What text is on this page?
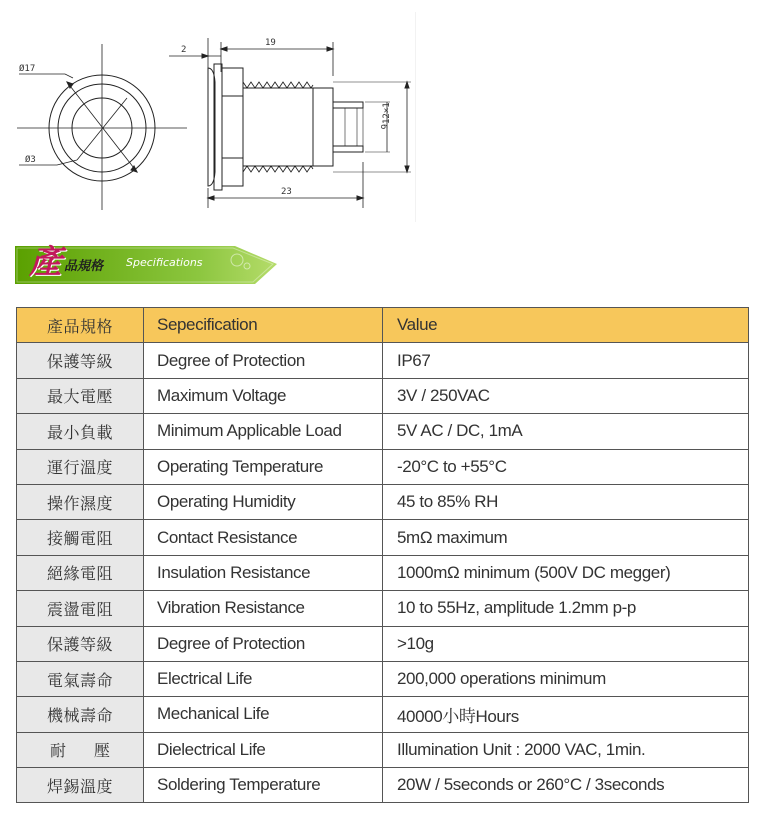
Ø17
Ø3
2
19
23
6
12×1
產 品規格 Specifications
產品規格	Sepecification	Value
保護等級	Degree of Protection	IP67
最大電壓	Maximum Voltage	3V / 250VAC
最小負載	Minimum Applicable Load	5V AC / DC, 1mA
運行溫度	Operating Temperature	-20°C to +55°C
操作濕度	Operating Humidity	45 to 85% RH
接觸電阻	Contact Resistance	5mΩ maximum
絕緣電阻	Insulation Resistance	1000mΩ minimum (500V DC megger)
震盪電阻	Vibration Resistance	10 to 55Hz, amplitude 1.2mm p-p
保護等級	Degree of Protection	>10g
電氣壽命	Electrical Life	200,000 operations minimum
機械壽命	Mechanical Life	40000小時Hours
耐壓	Dielectrical Life	Illumination Unit : 2000 VAC, 1min.
焊錫溫度	Soldering Temperature	20W / 5seconds or 260°C / 3seconds
